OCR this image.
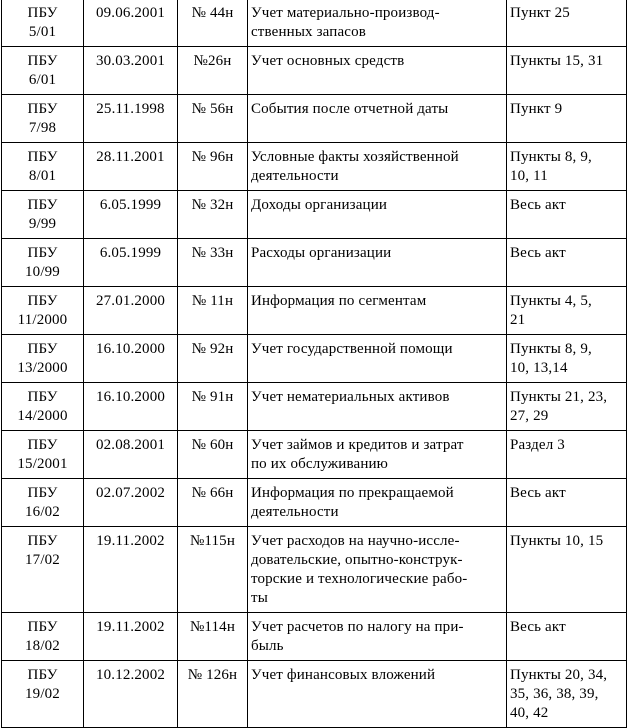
ПБУ
5/01	09.06.2001	№ 44н	Учет материально-производ-
ственных запасов	Пункт 25

ПБУ
6/01	30.03.2001	№26н	Учет основных средств	Пункты 15, 31

ПБУ
7/98	25.11.1998	№ 56н	События после отчетной даты	Пункт 9

ПБУ
8/01	28.11.2001	№ 96н	Условные факты хозяйственной
деятельности	Пункты 8, 9,
10, 11

ПБУ
9/99	6.05.1999	№ 32н	Доходы организации	Весь акт

ПБУ
10/99	6.05.1999	№ 33н	Расходы организации	Весь акт

ПБУ
11/2000	27.01.2000	№ 11н	Информация по сегментам	Пункты 4, 5,
21

ПБУ
13/2000	16.10.2000	№ 92н	Учет государственной помощи	Пункты 8, 9,
10, 13,14

ПБУ
14/2000	16.10.2000	№ 91н	Учет нематериальных активов	Пункты 21, 23,
27, 29

ПБУ
15/2001	02.08.2001	№ 60н	Учет займов и кредитов и затрат
по их обслуживанию	Раздел 3

ПБУ
16/02	02.07.2002	№ 66н	Информация по прекращаемой
деятельности	Весь акт

ПБУ
17/02	19.11.2002	№115н	Учет расходов на научно-иссле-
довательские, опытно-конструк-
торские и технологические рабо-
ты	Пункты 10, 15

ПБУ
18/02	19.11.2002	№114н	Учет расчетов по налогу на при-
быль	Весь акт

ПБУ
19/02	10.12.2002	№ 126н	Учет финансовых вложений	Пункты 20, 34,
35, 36, 38, 39,
40, 42
